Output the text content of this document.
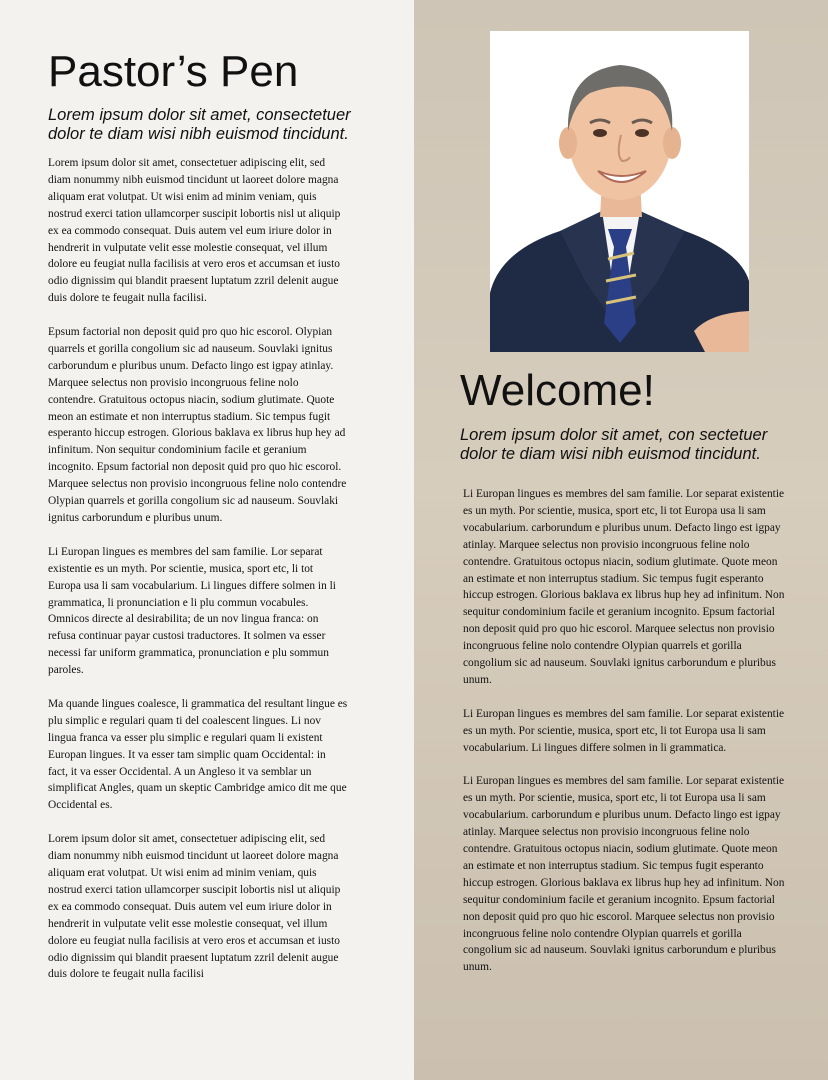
Pastor’s Pen
Lorem ipsum dolor sit amet, consectetuer
dolor te diam wisi nibh euismod tincidunt.

Lorem ipsum dolor sit amet, consectetuer adipiscing elit, sed diam nonummy nibh euismod tincidunt ut laoreet dolore magna aliquam erat volutpat. Ut wisi enim ad minim veniam, quis nostrud exerci tation ullamcorper suscipit lobortis nisl ut aliquip ex ea commodo consequat. Duis autem vel eum iriure dolor in hendrerit in vulputate velit esse molestie consequat, vel illum dolore eu feugiat nulla facilisis at vero eros et accumsan et iusto odio dignissim qui blandit praesent luptatum zzril delenit augue duis dolore te feugait nulla facilisi.

Epsum factorial non deposit quid pro quo hic escorol. Olypian quarrels et gorilla congolium sic ad nauseum. Souvlaki ignitus carborundum e pluribus unum. Defacto lingo est igpay atinlay. Marquee selectus non provisio incongruous feline nolo contendre. Gratuitous octopus niacin, sodium glutimate. Quote meon an estimate et non interruptus stadium. Sic tempus fugit esperanto hiccup estrogen. Glorious baklava ex librus hup hey ad infinitum. Non sequitur condominium facile et geranium incognito. Epsum factorial non deposit quid pro quo hic escorol. Marquee selectus non provisio incongruous feline nolo contendre Olypian quarrels et gorilla congolium sic ad nauseum. Souvlaki ignitus carborundum e pluribus unum.

Li Europan lingues es membres del sam familie. Lor separat existentie es un myth. Por scientie, musica, sport etc, li tot Europa usa li sam vocabularium. Li lingues differe solmen in li grammatica, li pronunciation e li plu commun vocabules. Omnicos directe al desirabilita; de un nov lingua franca: on refusa continuar payar custosi traductores. It solmen va esser necessi far uniform grammatica, pronunciation e plu sommun paroles.

Ma quande lingues coalesce, li grammatica del resultant lingue es plu simplic e regulari quam ti del coalescent lingues. Li nov lingua franca va esser plu simplic e regulari quam li existent Europan lingues. It va esser tam simplic quam Occidental: in fact, it va esser Occidental. A un Angleso it va semblar un simplificat Angles, quam un skeptic Cambridge amico dit me que Occidental es.

Lorem ipsum dolor sit amet, consectetuer adipiscing elit, sed diam nonummy nibh euismod tincidunt ut laoreet dolore magna aliquam erat volutpat. Ut wisi enim ad minim veniam, quis nostrud exerci tation ullamcorper suscipit lobortis nisl ut aliquip ex ea commodo consequat. Duis autem vel eum iriure dolor in hendrerit in vulputate velit esse molestie consequat, vel illum dolore eu feugiat nulla facilisis at vero eros et accumsan et iusto odio dignissim qui blandit praesent luptatum zzril delenit augue duis dolore te feugait nulla facilisi

Welcome!
Lorem ipsum dolor sit amet, con sectetuer
dolor te diam wisi nibh euismod tincidunt.

Li Europan lingues es membres del sam familie. Lor separat existentie es un myth. Por scientie, musica, sport etc, li tot Europa usa li sam vocabularium. carborundum e pluribus unum. Defacto lingo est igpay atinlay. Marquee selectus non provisio incongruous feline nolo contendre. Gratuitous octopus niacin, sodium glutimate. Quote meon an estimate et non interruptus stadium. Sic tempus fugit esperanto hiccup estrogen. Glorious baklava ex librus hup hey ad infinitum. Non sequitur condominium facile et geranium incognito. Epsum factorial non deposit quid pro quo hic escorol. Marquee selectus non provisio incongruous feline nolo contendre Olypian quarrels et gorilla congolium sic ad nauseum. Souvlaki ignitus carborundum e pluribus unum.

Li Europan lingues es membres del sam familie. Lor separat existentie es un myth. Por scientie, musica, sport etc, li tot Europa usa li sam vocabularium. Li lingues differe solmen in li grammatica.

Li Europan lingues es membres del sam familie. Lor separat existentie es un myth. Por scientie, musica, sport etc, li tot Europa usa li sam vocabularium. carborundum e pluribus unum. Defacto lingo est igpay atinlay. Marquee selectus non provisio incongruous feline nolo contendre. Gratuitous octopus niacin, sodium glutimate. Quote meon an estimate et non interruptus stadium. Sic tempus fugit esperanto hiccup estrogen. Glorious baklava ex librus hup hey ad infinitum. Non sequitur condominium facile et geranium incognito. Epsum factorial non deposit quid pro quo hic escorol. Marquee selectus non provisio incongruous feline nolo contendre Olypian quarrels et gorilla congolium sic ad nauseum. Souvlaki ignitus carborundum e pluribus unum.
